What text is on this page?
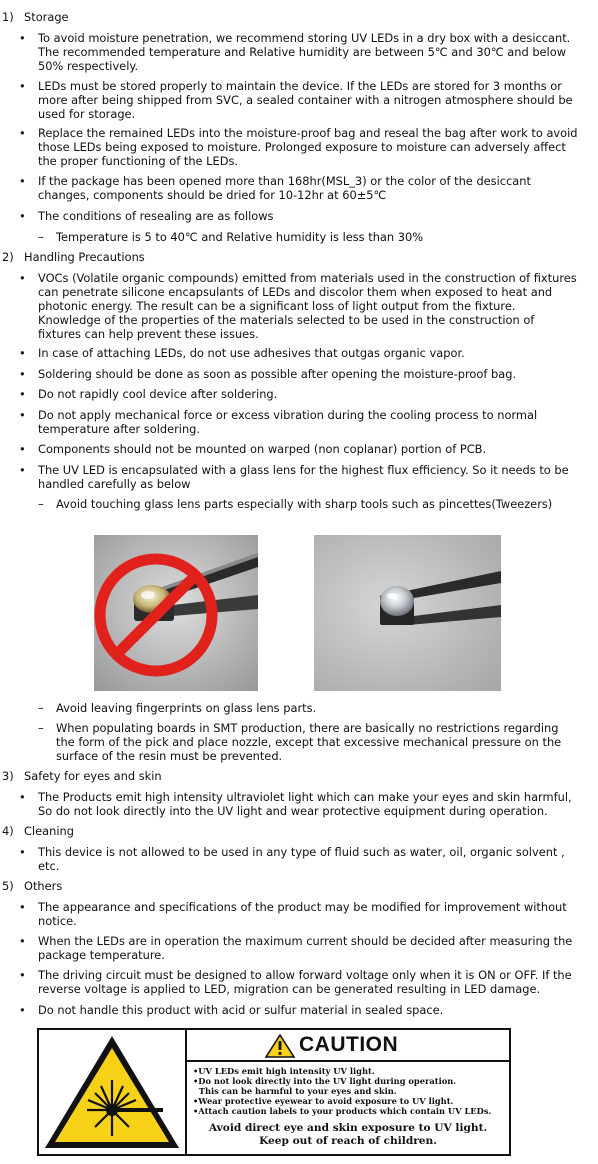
1) Storage
• To avoid moisture penetration, we recommend storing UV LEDs in a dry box with a desiccant.
The recommended temperature and Relative humidity are between 5℃ and 30℃ and below
50% respectively.
• LEDs must be stored properly to maintain the device. If the LEDs are stored for 3 months or
more after being shipped from SVC, a sealed container with a nitrogen atmosphere should be
used for storage.
• Replace the remained LEDs into the moisture-proof bag and reseal the bag after work to avoid
those LEDs being exposed to moisture. Prolonged exposure to moisture can adversely affect
the proper functioning of the LEDs.
• If the package has been opened more than 168hr(MSL_3) or the color of the desiccant
changes, components should be dried for 10-12hr at 60±5℃
• The conditions of resealing are as follows
– Temperature is 5 to 40℃ and Relative humidity is less than 30%
2) Handling Precautions
• VOCs (Volatile organic compounds) emitted from materials used in the construction of fixtures
can penetrate silicone encapsulants of LEDs and discolor them when exposed to heat and
photonic energy. The result can be a significant loss of light output from the fixture.
Knowledge of the properties of the materials selected to be used in the construction of
fixtures can help prevent these issues.
• In case of attaching LEDs, do not use adhesives that outgas organic vapor.
• Soldering should be done as soon as possible after opening the moisture-proof bag.
• Do not rapidly cool device after soldering.
• Do not apply mechanical force or excess vibration during the cooling process to normal
temperature after soldering.
• Components should not be mounted on warped (non coplanar) portion of PCB.
• The UV LED is encapsulated with a glass lens for the highest flux efficiency. So it needs to be
handled carefully as below
– Avoid touching glass lens parts especially with sharp tools such as pincettes(Tweezers)
– Avoid leaving fingerprints on glass lens parts.
– When populating boards in SMT production, there are basically no restrictions regarding
the form of the pick and place nozzle, except that excessive mechanical pressure on the
surface of the resin must be prevented.
3) Safety for eyes and skin
• The Products emit high intensity ultraviolet light which can make your eyes and skin harmful,
So do not look directly into the UV light and wear protective equipment during operation.
4) Cleaning
• This device is not allowed to be used in any type of fluid such as water, oil, organic solvent ,
etc.
5) Others
• The appearance and specifications of the product may be modified for improvement without
notice.
• When the LEDs are in operation the maximum current should be decided after measuring the
package temperature.
• The driving circuit must be designed to allow forward voltage only when it is ON or OFF. If the
reverse voltage is applied to LED, migration can be generated resulting in LED damage.
• Do not handle this product with acid or sulfur material in sealed space.
CAUTION
•UV LEDs emit high intensity UV light.
•Do not look directly into the UV light during operation.
This can be harmful to your eyes and skin.
•Wear protective eyewear to avoid exposure to UV light.
•Attach caution labels to your products which contain UV LEDs.
Avoid direct eye and skin exposure to UV light.
Keep out of reach of children.
